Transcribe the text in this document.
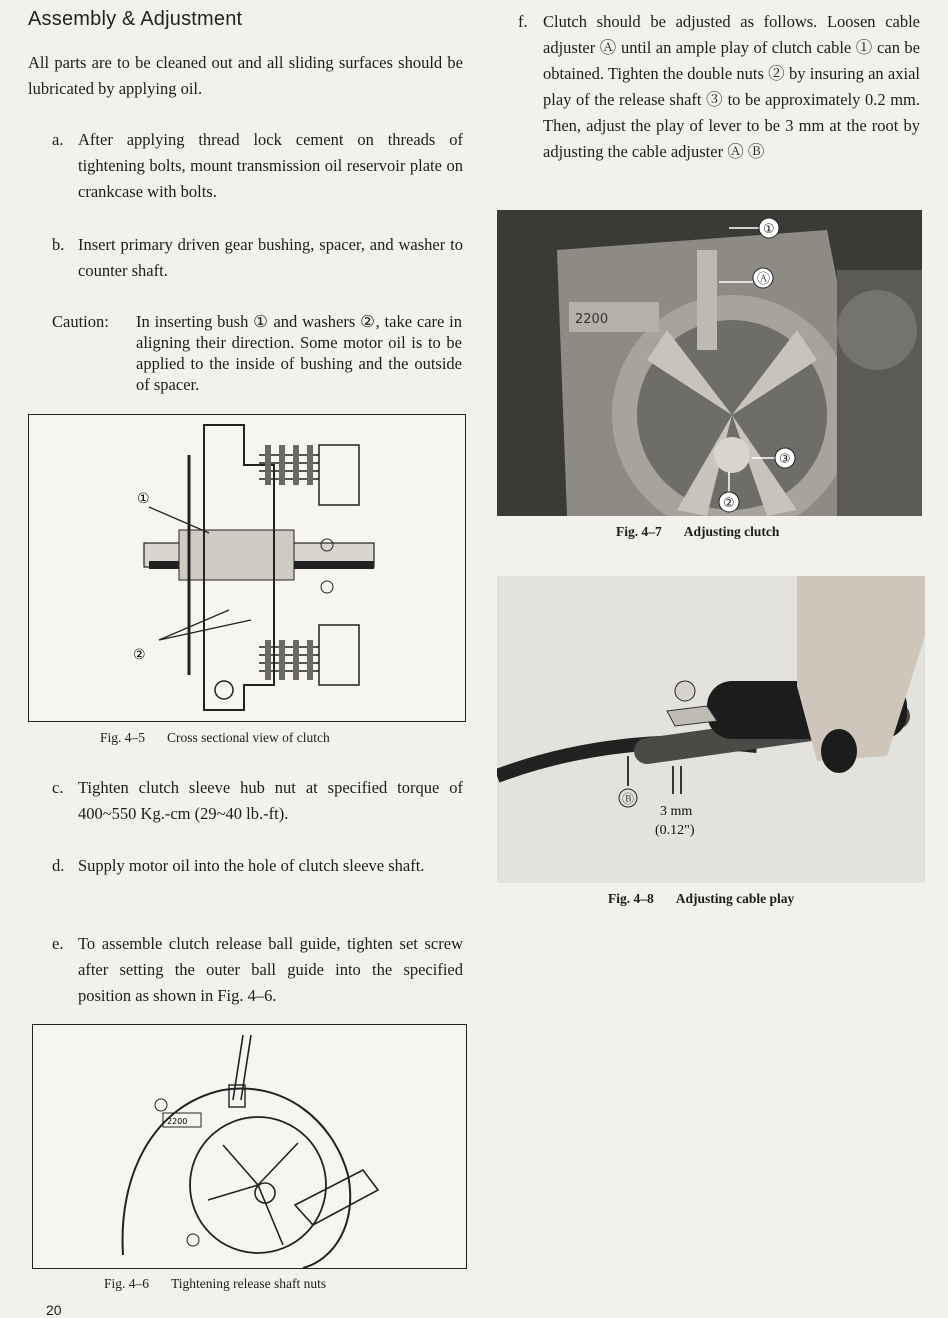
Assembly & Adjustment
All parts are to be cleaned out and all sliding surfaces should be lubricated by applying oil.
a. After applying thread lock cement on threads of tightening bolts, mount transmission oil reservoir plate on crankcase with bolts.
b. Insert primary driven gear bushing, spacer, and washer to counter shaft.
Caution: In inserting bush ① and washers ②, take care in aligning their direction. Some motor oil is to be applied to the inside of bushing and the outside of spacer.
①
②
Fig. 4–5 Cross sectional view of clutch
c. Tighten clutch sleeve hub nut at specified torque of 400~550 Kg.-cm (29~40 lb.-ft).
d. Supply motor oil into the hole of clutch sleeve shaft.
e. To assemble clutch release ball guide, tighten set screw after setting the outer ball guide into the specified position as shown in Fig. 4–6.
2200
Fig. 4–6 Tightening release shaft nuts
20
f. Clutch should be adjusted as follows. Loosen cable adjuster Ⓐ until an ample play of clutch cable ① can be obtained. Tighten the double nuts ② by insuring an axial play of the release shaft ③ to be approximately 0.2 mm. Then, adjust the play of lever to be 3 mm at the root by adjusting the cable adjuster Ⓐ Ⓑ
2200
①
Ⓐ
③
②
Fig. 4–7 Adjusting clutch
Ⓑ
3 mm
(0.12")
Fig. 4–8 Adjusting cable play
